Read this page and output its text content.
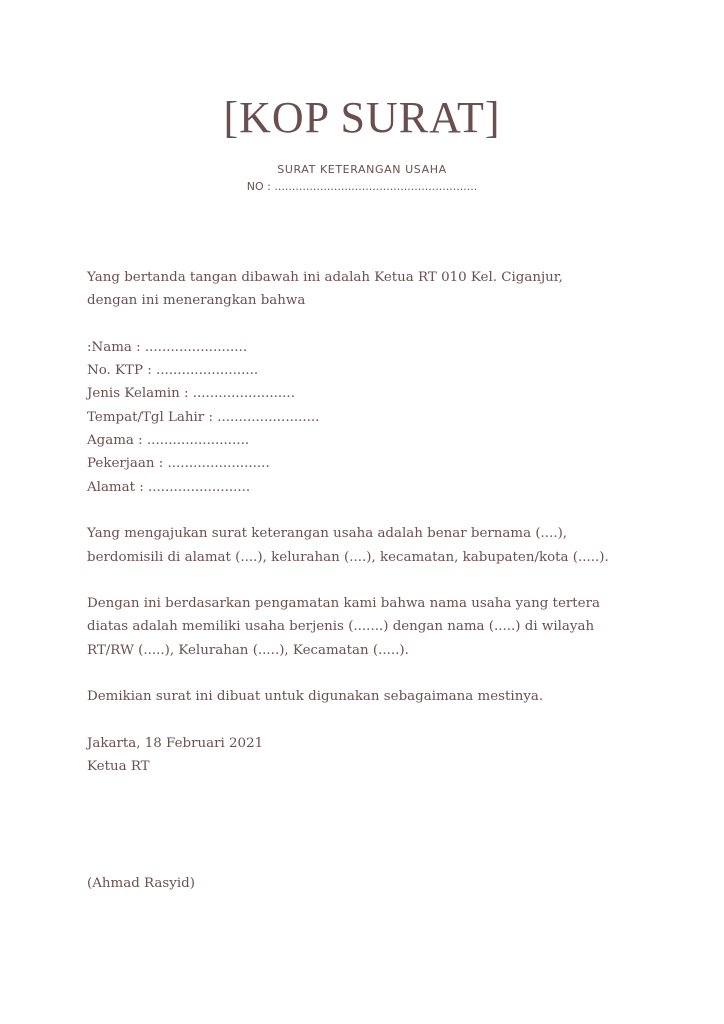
[KOP SURAT]
SURAT KETERANGAN USAHA
NO : ..........................................................

Yang bertanda tangan dibawah ini adalah Ketua RT 010 Kel. Ciganjur,

dengan ini menerangkan bahwa

:Nama : ........................

No. KTP : ........................

Jenis Kelamin : ........................

Tempat/Tgl Lahir : ........................

Agama : ........................

Pekerjaan : ........................

Alamat : ........................

Yang mengajukan surat keterangan usaha adalah benar bernama (....),

berdomisili di alamat (....), kelurahan (....), kecamatan, kabupaten/kota (.....).

Dengan ini berdasarkan pengamatan kami bahwa nama usaha yang tertera

diatas adalah memiliki usaha berjenis (.......) dengan nama (.....) di wilayah

RT/RW (.....), Kelurahan (.....), Kecamatan (.....).

Demikian surat ini dibuat untuk digunakan sebagaimana mestinya.

Jakarta, 18 Februari 2021

Ketua RT

(Ahmad Rasyid)
